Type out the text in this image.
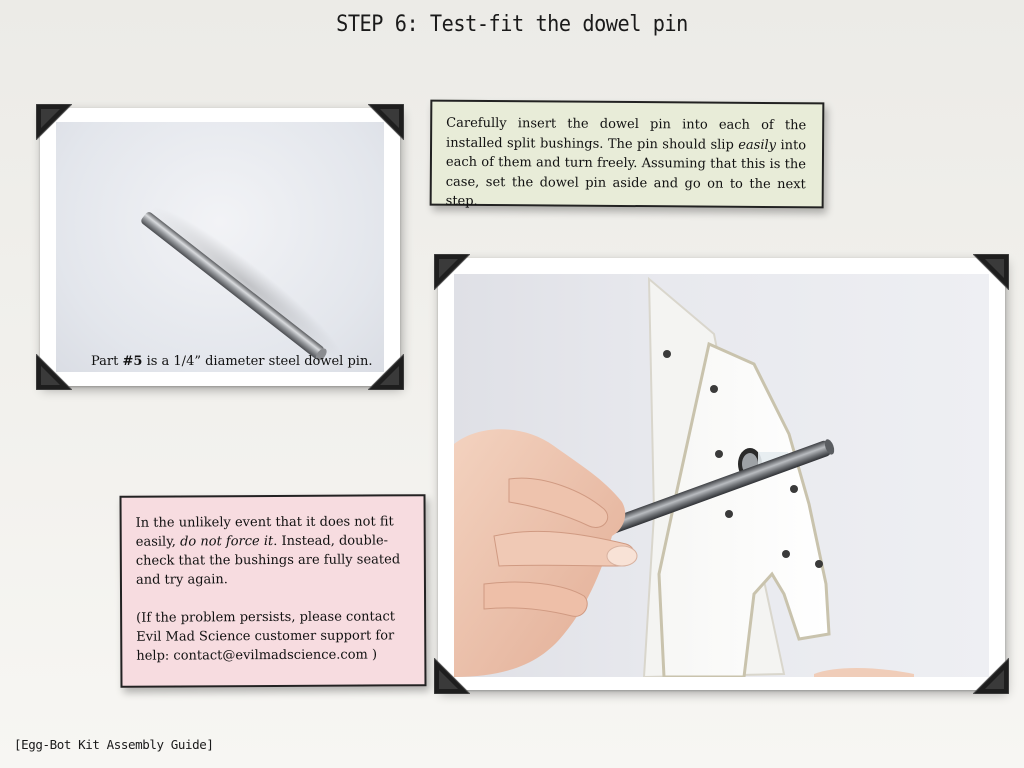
STEP 6: Test-fit the dowel pin
Part #5 is a 1/4” diameter steel dowel pin.

Carefully insert the dowel pin into each of the installed split bushings. The pin should slip easily into each of them and turn freely. Assuming that this is the case, set the dowel pin aside and go on to the next step.

In the unlikely event that it does not fit easily, do not force it. Instead, double-check that the bushings are fully seated and try again.

(If the problem persists, please contact Evil Mad Science customer support for help: contact@evilmadscience.com )

[Egg-Bot Kit Assembly Guide]
